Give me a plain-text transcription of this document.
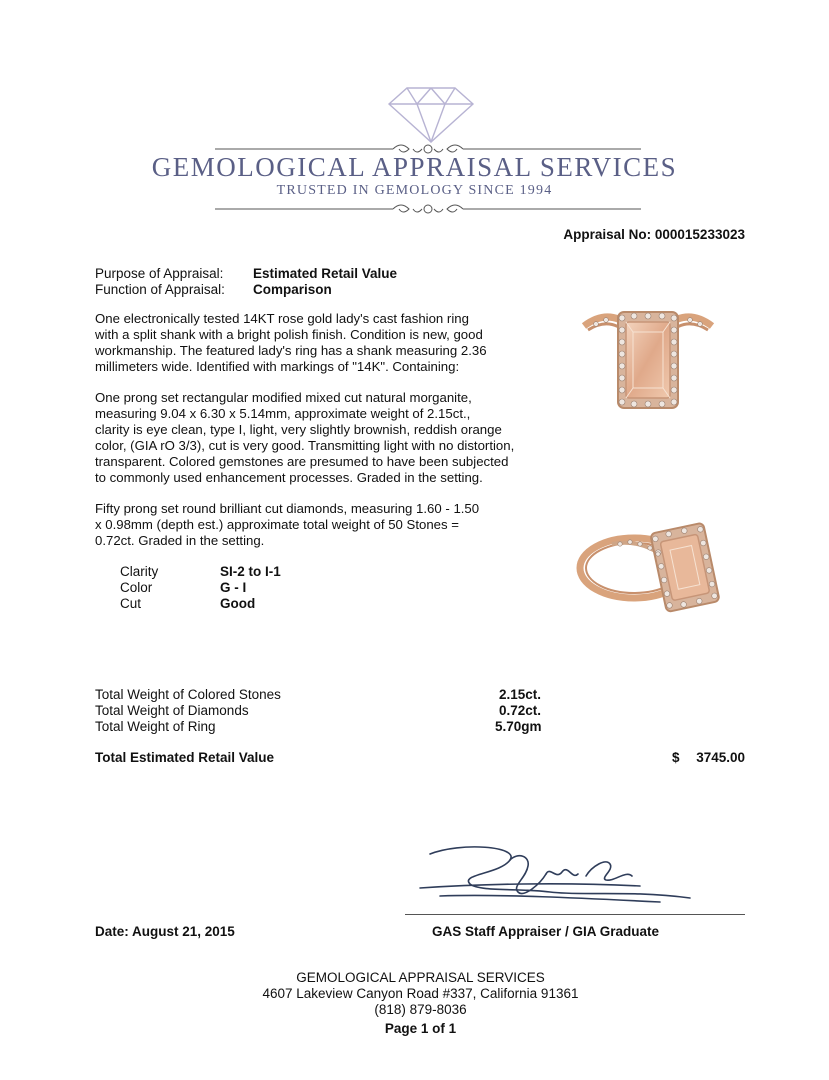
GEMOLOGICAL APPRAISAL SERVICES
TRUSTED IN GEMOLOGY SINCE 1994
Appraisal No: 000015233023
Purpose of Appraisal: Estimated Retail Value
Function of Appraisal: Comparison
One electronically tested 14KT rose gold lady's cast fashion ring
with a split shank with a bright polish finish. Condition is new, good
workmanship. The featured lady's ring has a shank measuring 2.36
millimeters wide. Identified with markings of "14K". Containing:
One prong set rectangular modified mixed cut natural morganite,
measuring 9.04 x 6.30 x 5.14mm, approximate weight of 2.15ct.,
clarity is eye clean, type I, light, very slightly brownish, reddish orange
color, (GIA rO 3/3), cut is very good. Transmitting light with no distortion,
transparent. Colored gemstones are presumed to have been subjected
to commonly used enhancement processes. Graded in the setting.
Fifty prong set round brilliant cut diamonds, measuring 1.60 - 1.50
x 0.98mm (depth est.) approximate total weight of 50 Stones =
0.72ct. Graded in the setting.
Clarity	SI-2 to I-1
Color	G - I
Cut	Good
Total Weight of Colored Stones	2.15ct.
Total Weight of Diamonds	0.72ct.
Total Weight of Ring	5.70gm
Total Estimated Retail Value	$ 3745.00
Date: August 21, 2015	GAS Staff Appraiser / GIA Graduate
GEMOLOGICAL APPRAISAL SERVICES
4607 Lakeview Canyon Road #337, California 91361
(818) 879-8036
Page 1 of 1
